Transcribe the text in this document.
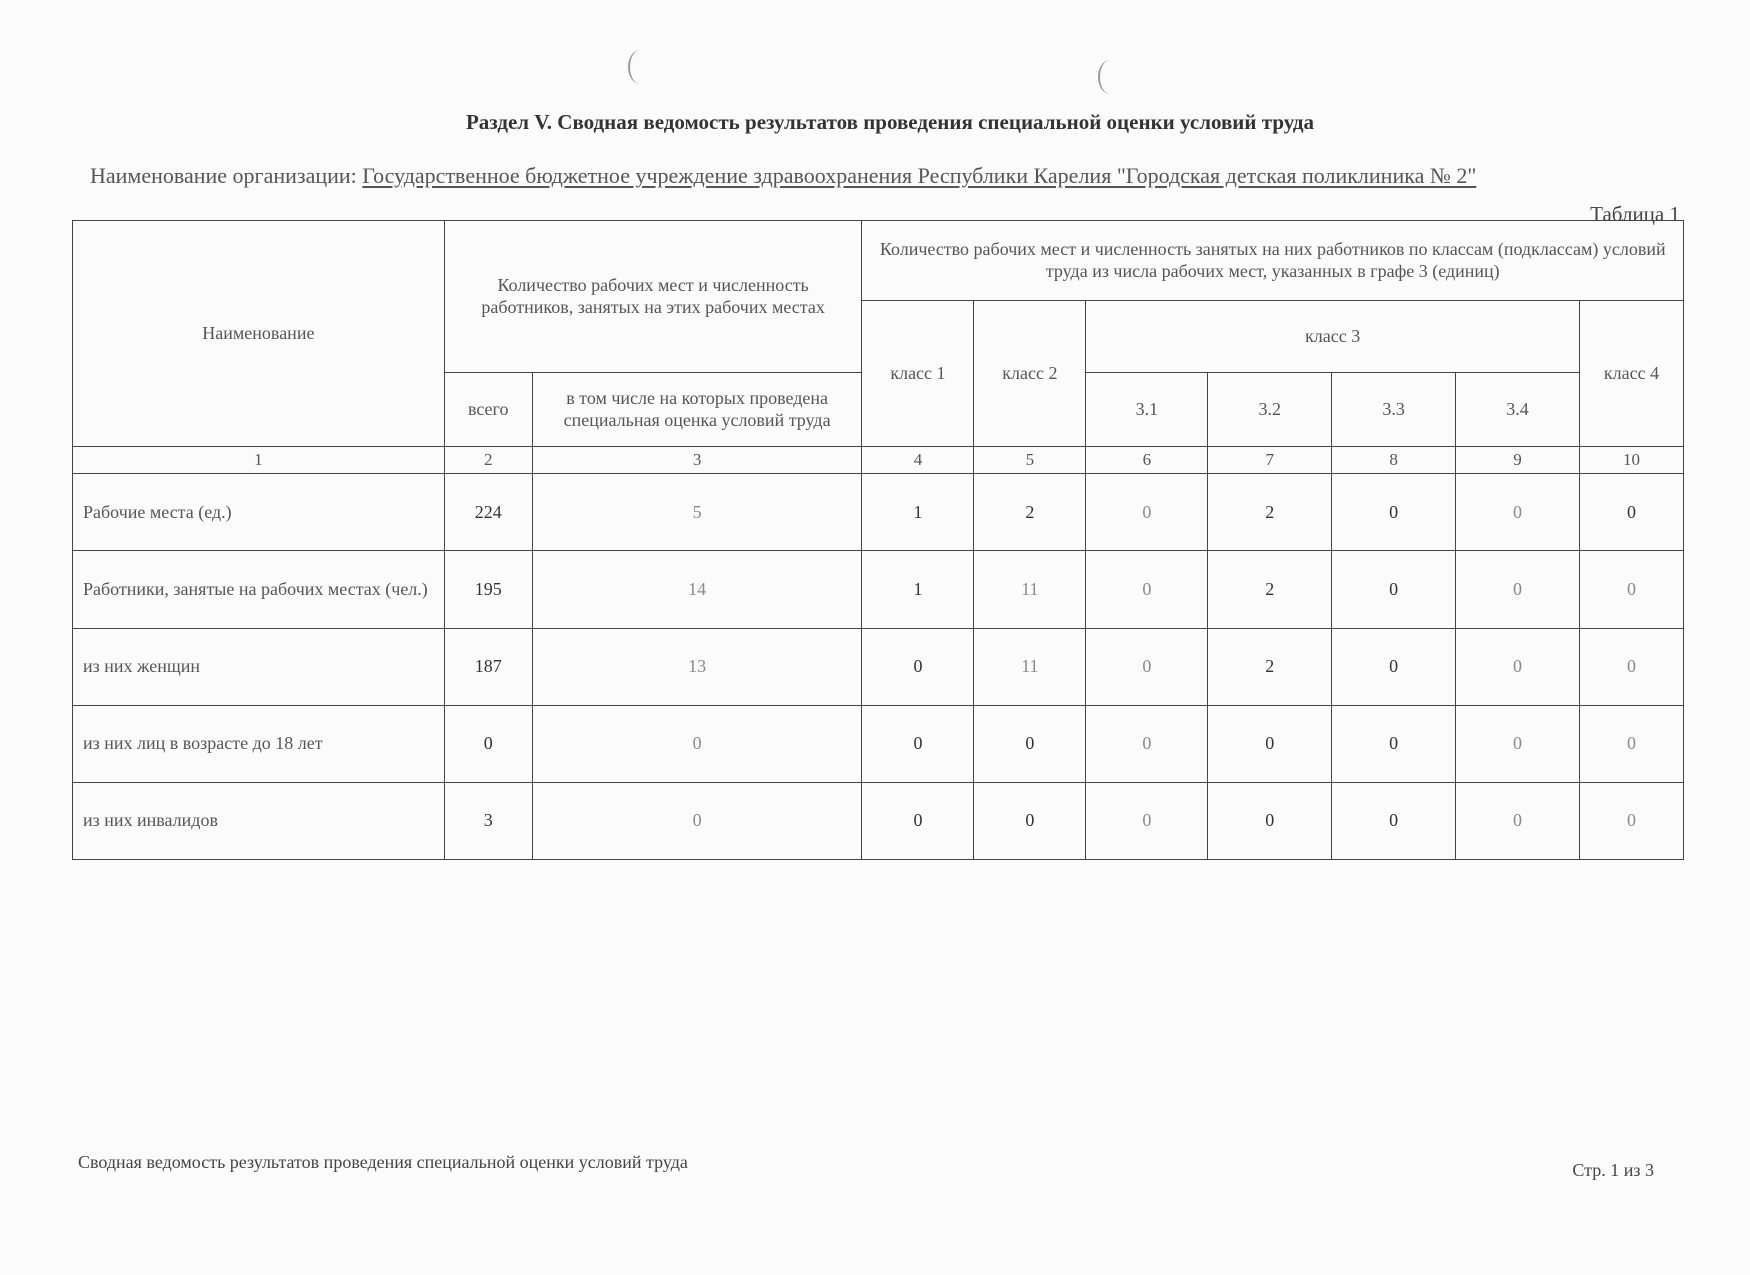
Раздел V. Сводная ведомость результатов проведения специальной оценки условий труда
Наименование организации: Государственное бюджетное учреждение здравоохранения Республики Карелия "Городская детская поликлиника № 2"
Таблица 1
Наименование	Количество рабочих мест и численность работников, занятых на этих рабочих местах		Количество рабочих мест и численность занятых на них работников по классам (подклассам) условий труда из числа рабочих мест, указанных в графе 3 (единиц)						
			класс 1	класс 2	класс 3				класс 4
	всего	в том числе на которых проведена специальная оценка условий труда			3.1	3.2	3.3	3.4	
1	2	3	4	5	6	7	8	9	10
Рабочие места (ед.)	224	5	1	2	0	2	0	0	0
Работники, занятые на рабочих местах (чел.)	195	14	1	11	0	2	0	0	0
из них женщин	187	13	0	11	0	2	0	0	0
из них лиц в возрасте до 18 лет	0	0	0	0	0	0	0	0	0
из них инвалидов	3	0	0	0	0	0	0	0	0
Сводная ведомость результатов проведения специальной оценки условий труда	Стр. 1 из 3
